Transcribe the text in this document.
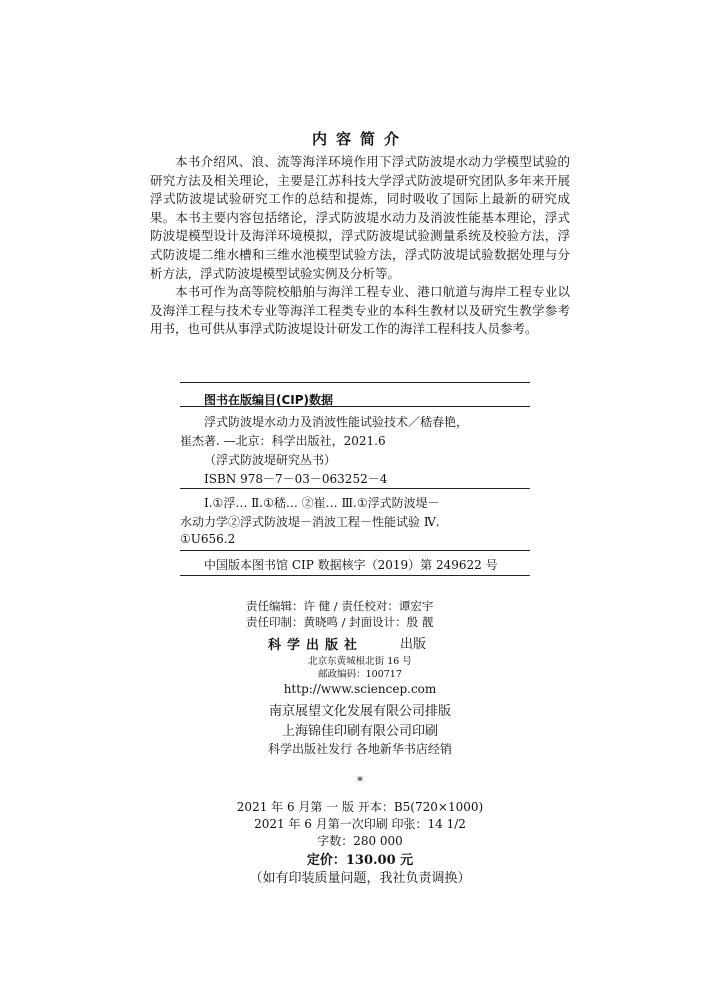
内容简介

本书介绍风、浪、流等海洋环境作用下浮式防波堤水动力学模型试验的研究方法及相关理论，主要是江苏科技大学浮式防波堤研究团队多年来开展浮式防波堤试验研究工作的总结和提炼，同时吸收了国际上最新的研究成果。本书主要内容包括绪论，浮式防波堤水动力及消波性能基本理论，浮式防波堤模型设计及海洋环境模拟，浮式防波堤试验测量系统及校验方法，浮式防波堤二维水槽和三维水池模型试验方法，浮式防波堤试验数据处理与分析方法，浮式防波堤模型试验实例及分析等。

本书可作为高等院校船舶与海洋工程专业、港口航道与海岸工程专业以及海洋工程与技术专业等海洋工程类专业的本科生教材以及研究生教学参考用书，也可供从事浮式防波堤设计研发工作的海洋工程科技人员参考。

图书在版编目(CIP)数据
浮式防波堤水动力及消波性能试验技术／嵇春艳，
崔杰著. —北京：科学出版社，2021.6
（浮式防波堤研究丛书）
ISBN 978－7－03－063252－4
Ⅰ.①浮… Ⅱ.①嵇… ②崔… Ⅲ.①浮式防波堤－
水动力学②浮式防波堤－消波工程－性能试验 Ⅳ.
①U656.2
中国版本图书馆 CIP 数据核字（2019）第 249622 号
责任编辑：许 健 / 责任校对：谭宏宇
责任印制：黄晓鸣 / 封面设计：殷 靓
科学出版社	出版
北京东黄城根北街 16 号
邮政编码：100717
http://www.sciencep.com
南京展望文化发展有限公司排版
上海锦佳印刷有限公司印刷
科学出版社发行 各地新华书店经销
*
2021 年 6 月第 一 版 开本：B5(720×1000)
2021 年 6 月第一次印刷 印张：14 1/2
字数：280 000
定价：130.00 元
（如有印装质量问题，我社负责调换）
